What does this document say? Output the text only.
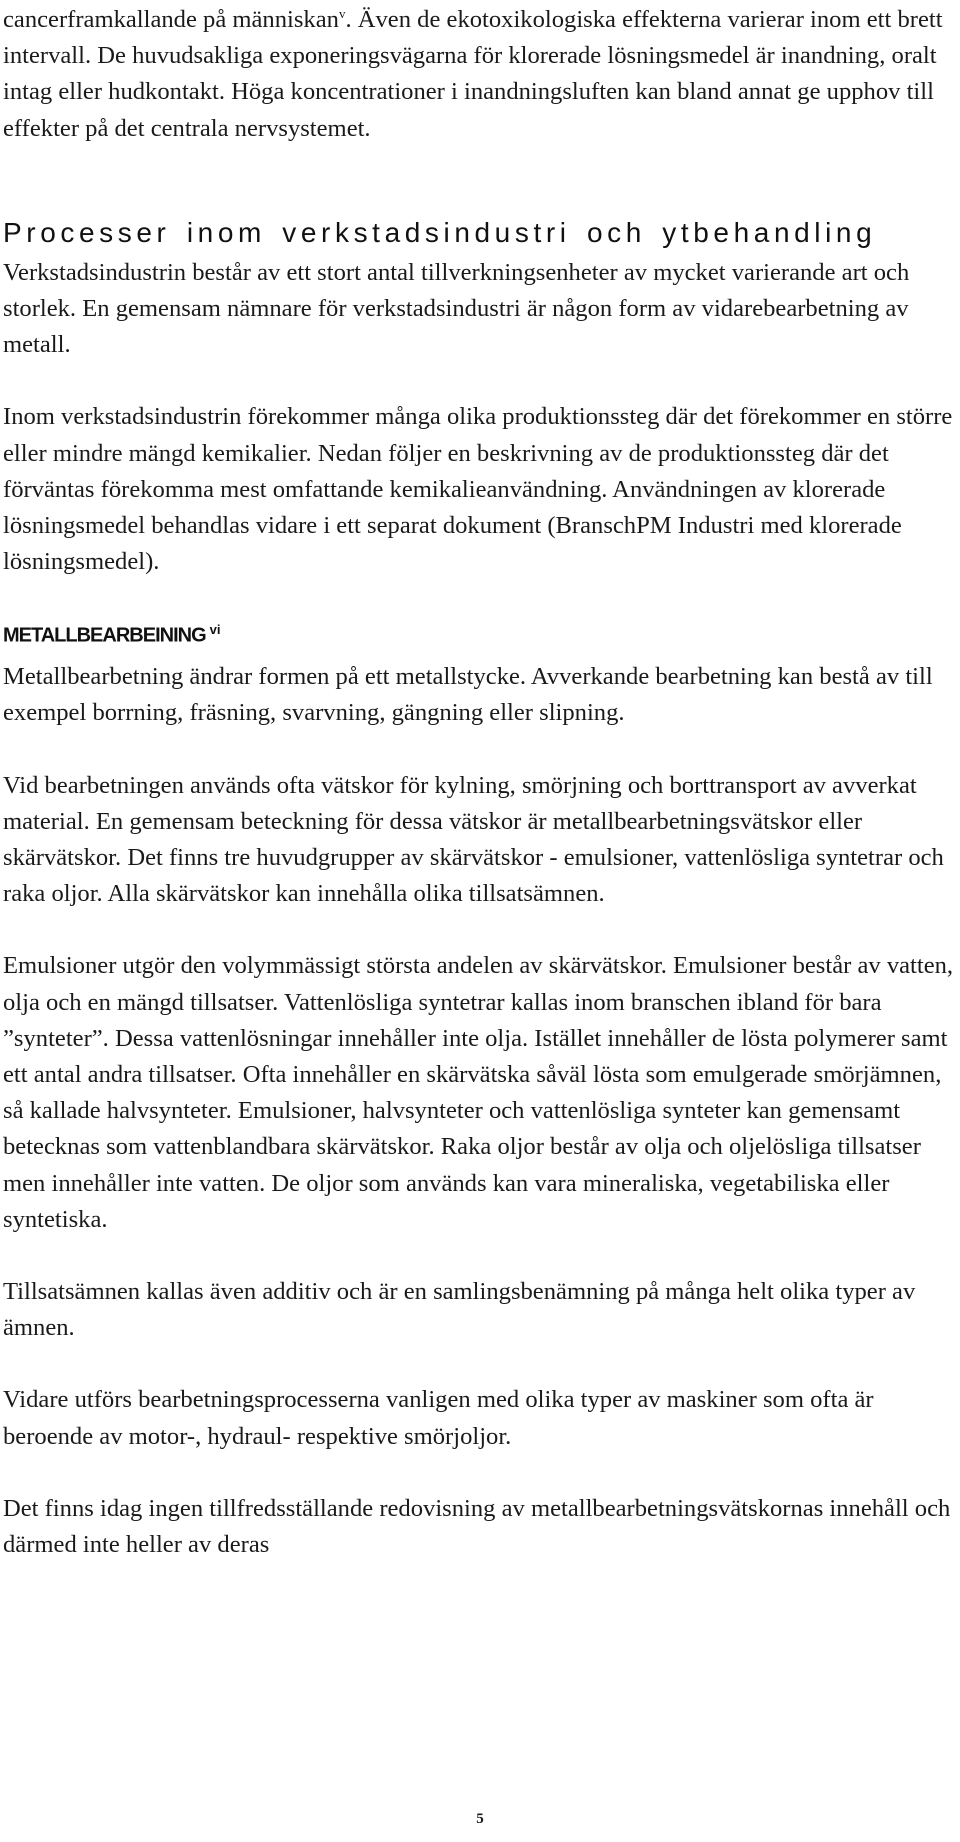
cancerframkallande på människan$^v$. Även de ekotoxikologiska effekterna varierar inom ett brett intervall. De huvudsakliga exponeringsvägarna för klorerade lösningsmedel är inandning, oralt intag eller hudkontakt. Höga koncentrationer i inandningsluften kan bland annat ge upphov till effekter på det centrala nervsystemet.

Processer inom verkstadsindustri och ytbehandling

Verkstadsindustrin består av ett stort antal tillverkningsenheter av mycket varierande art och storlek. En gemensam nämnare för verkstadsindustri är någon form av vidarebearbetning av metall.

Inom verkstadsindustrin förekommer många olika produktionssteg där det förekommer en större eller mindre mängd kemikalier. Nedan följer en beskrivning av de produktionssteg där det förväntas förekomma mest omfattande kemikalieanvändning. Användningen av klorerade lösningsmedel behandlas vidare i ett separat dokument (BranschPM Industri med klorerade lösningsmedel).

METALLBEARBEINING $^{vi}$

Metallbearbetning ändrar formen på ett metallstycke. Avverkande bearbetning kan bestå av till exempel borrning, fräsning, svarvning, gängning eller slipning.

Vid bearbetningen används ofta vätskor för kylning, smörjning och borttransport av avverkat material. En gemensam beteckning för dessa vätskor är metallbearbetningsvätskor eller skärvätskor. Det finns tre huvudgrupper av skärvätskor - emulsioner, vattenlösliga syntetrar och raka oljor. Alla skärvätskor kan innehålla olika tillsatsämnen.

Emulsioner utgör den volymmässigt största andelen av skärvätskor. Emulsioner består av vatten, olja och en mängd tillsatser. Vattenlösliga syntetrar kallas inom branschen ibland för bara ”synteter”. Dessa vattenlösningar innehåller inte olja. Istället innehåller de lösta polymerer samt ett antal andra tillsatser. Ofta innehåller en skärvätska såväl lösta som emulgerade smörjämnen, så kallade halvsynteter. Emulsioner, halvsynteter och vattenlösliga synteter kan gemensamt betecknas som vattenblandbara skärvätskor. Raka oljor består av olja och oljelösliga tillsatser men innehåller inte vatten. De oljor som används kan vara mineraliska, vegetabiliska eller syntetiska.

Tillsatsämnen kallas även additiv och är en samlingsbenämning på många helt olika typer av ämnen.

Vidare utförs bearbetningsprocesserna vanligen med olika typer av maskiner som ofta är beroende av motor-, hydraul- respektive smörjoljor.

Det finns idag ingen tillfredsställande redovisning av metallbearbetningsvätskornas innehåll och därmed inte heller av deras

5
